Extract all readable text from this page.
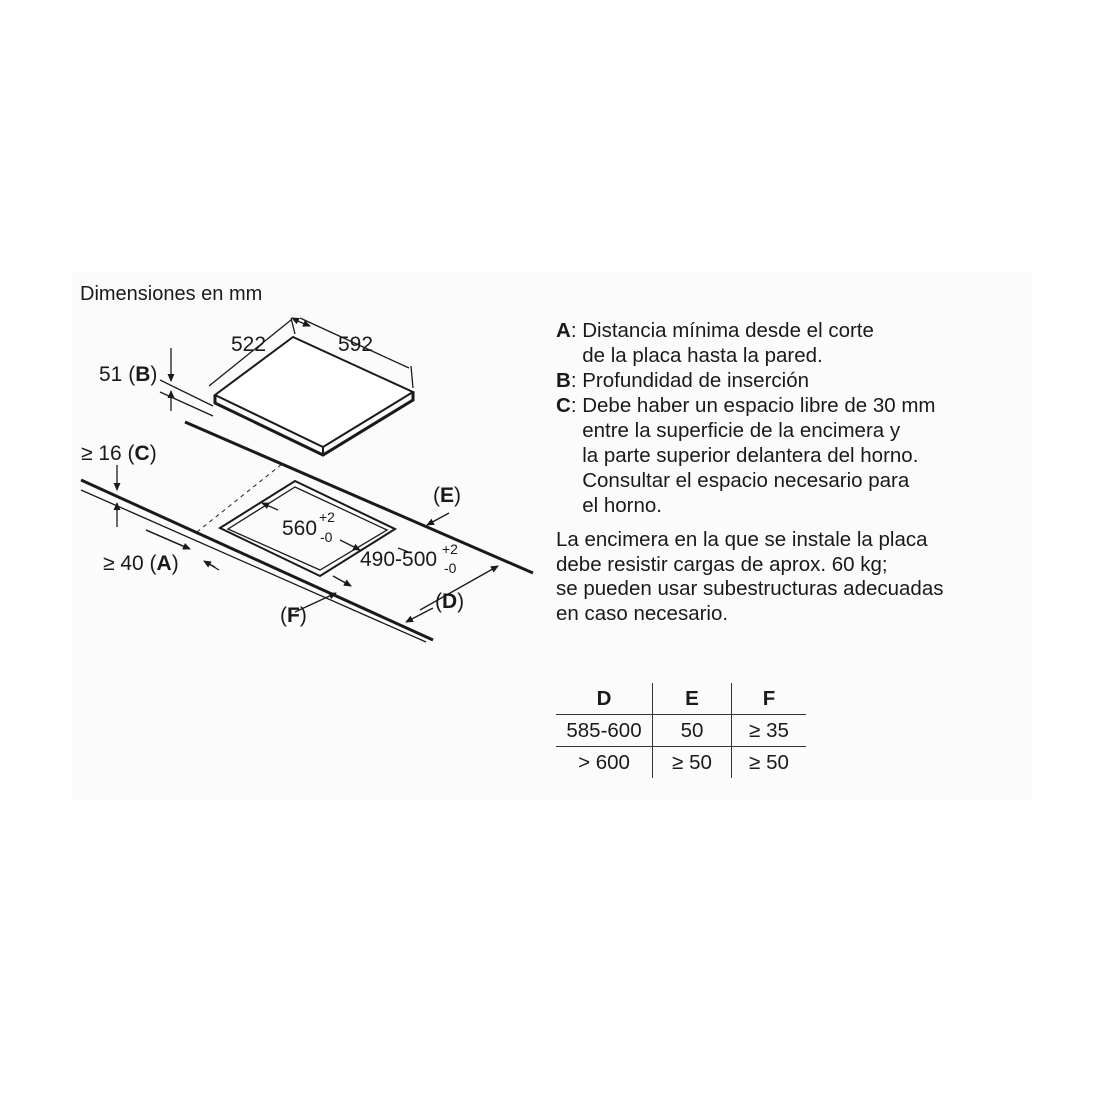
Dimensiones en mm
522	592
51 (B)
≥ 16 (C)
≥ 40 (A)
560 +2
-0
490-500 +2
-0
(E)
(D)
(F)
A : Distancia mínima desde el corte
de la placa hasta la pared.
B : Profundidad de inserción
C : Debe haber un espacio libre de 30 mm
entre la superficie de la encimera y
la parte superior delantera del horno.
Consultar el espacio necesario para
el horno.
La encimera en la que se instale la placa
debe resistir cargas de aprox. 60 kg;
se pueden usar subestructuras adecuadas
en caso necesario.
D	E	F
585-600	50	≥ 35
> 600	≥ 50	≥ 50
